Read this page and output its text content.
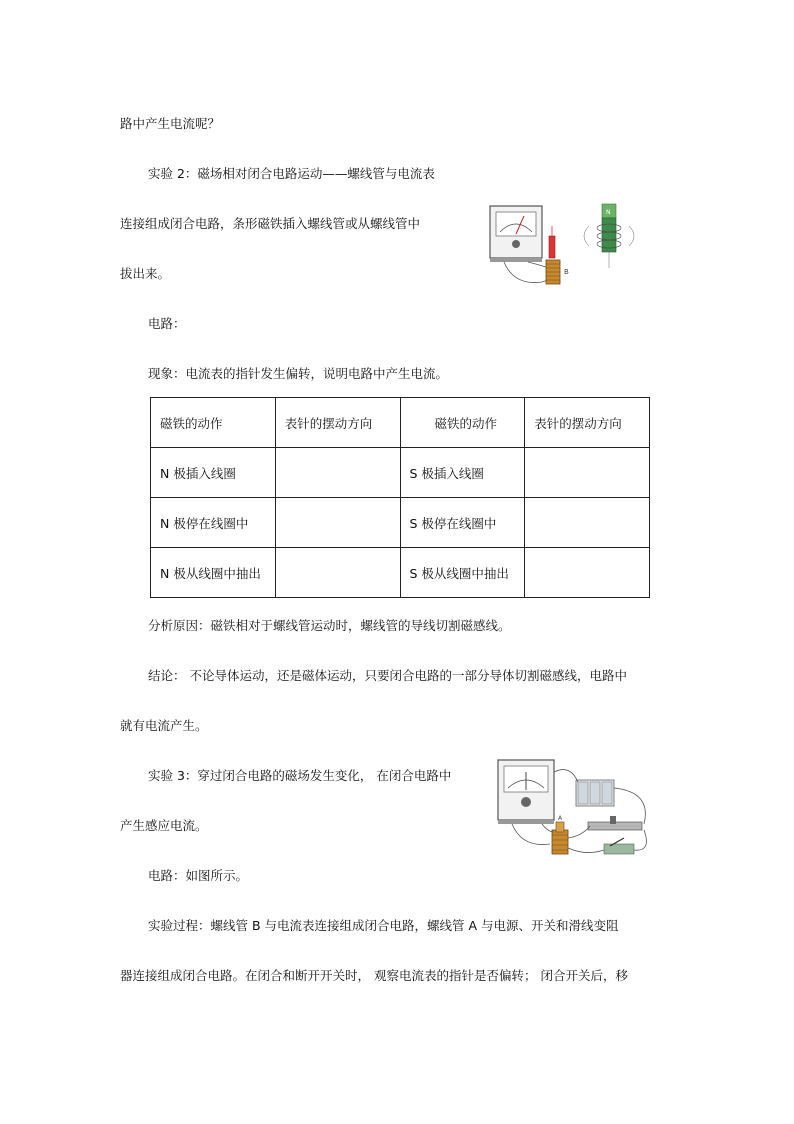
路中产生电流呢？
实验 2：磁场相对闭合电路运动——螺线管与电流表
连接组成闭合电路，条形磁铁插入螺线管或从螺线管中
拔出来。
电路：
现象：电流表的指针发生偏转，说明电路中产生电流。
B
N
磁铁的动作	表针的摆动方向	磁铁的动作	表针的摆动方向
N 极插入线圈		S 极插入线圈	
N 极停在线圈中		S 极停在线圈中	
N 极从线圈中抽出		S 极从线圈中抽出	
分析原因：磁铁相对于螺线管运动时，螺线管的导线切割磁感线。
结论： 不论导体运动，还是磁体运动，只要闭合电路的一部分导体切割磁感线，电路中
就有电流产生。
实验 3：穿过闭合电路的磁场发生变化， 在闭合电路中
产生感应电流。
电路：如图所示。
实验过程：螺线管 B 与电流表连接组成闭合电路，螺线管 A 与电源、开关和滑线变阻
器连接组成闭合电路。在闭合和断开开关时， 观察电流表的指针是否偏转； 闭合开关后，移
A
